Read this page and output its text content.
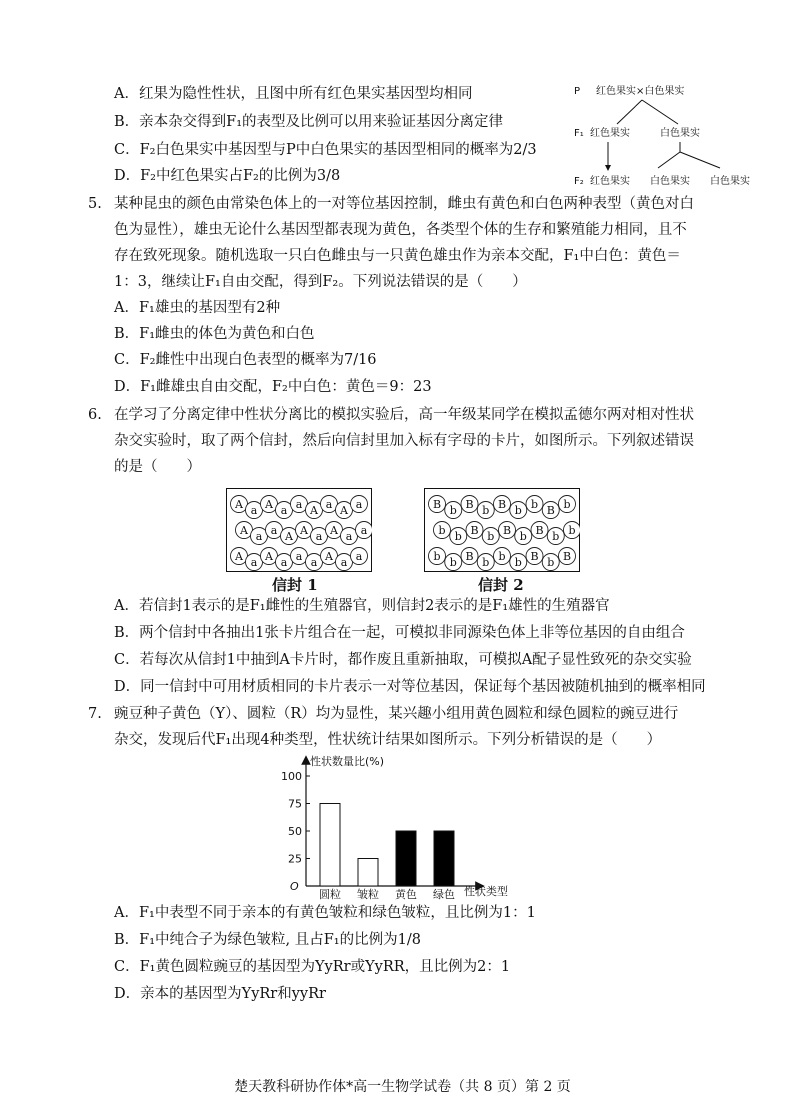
A．红果为隐性性状，且图中所有红色果实基因型均相同
B．亲本杂交得到F₁的表型及比例可以用来验证基因分离定律
C．F₂白色果实中基因型与P中白色果实的基因型相同的概率为2/3
D．F₂中红色果实占F₂的比例为3/8
P 红色果实×白色果实
F₁ 红色果实	白色果实
F₂ 红色果实 白色果实 白色果实
5. 某种昆虫的颜色由常染色体上的一对等位基因控制，雌虫有黄色和白色两种表型（黄色对白
色为显性），雄虫无论什么基因型都表现为黄色，各类型个体的生存和繁殖能力相同，且不
存在致死现象。随机选取一只白色雌虫与一只黄色雄虫作为亲本交配，F₁中白色：黄色＝
1：3，继续让F₁自由交配，得到F₂。下列说法错误的是（　　）
A．F₁雄虫的基因型有2种
B．F₁雌虫的体色为黄色和白色
C．F₂雌性中出现白色表型的概率为7/16
D．F₁雌雄虫自由交配，F₂中白色：黄色＝9：23
6. 在学习了分离定律中性状分离比的模拟实验后，高一年级某同学在模拟孟德尔两对相对性状
杂交实验时，取了两个信封，然后向信封里加入标有字母的卡片，如图所示。下列叙述错误
的是（　　）
A a A a a A a A a
A a a A A a A a a
A a A a a a A a a
B b B b B b b B b
b b B b B b B b b
b b B b b b B b B
信封 1	信封 2
A．若信封1表示的是F₁雌性的生殖器官，则信封2表示的是F₁雄性的生殖器官
B．两个信封中各抽出1张卡片组合在一起，可模拟非同源染色体上非等位基因的自由组合
C．若每次从信封1中抽到A卡片时，都作废且重新抽取，可模拟A配子显性致死的杂交实验
D．同一信封中可用材质相同的卡片表示一对等位基因，保证每个基因被随机抽到的概率相同
7. 豌豆种子黄色（Y）、圆粒（R）均为显性，某兴趣小组用黄色圆粒和绿色圆粒的豌豆进行
杂交，发现后代F₁出现4种类型，性状统计结果如图所示。下列分析错误的是（　　）
性状数量比(%)
性状类型
O
100
75
50
25
圆粒 皱粒 黄色 绿色
A．F₁中表型不同于亲本的有黄色皱粒和绿色皱粒，且比例为1：1
B．F₁中纯合子为绿色皱粒, 且占F₁的比例为1/8
C．F₁黄色圆粒豌豆的基因型为YyRr或YyRR，且比例为2：1
D．亲本的基因型为YyRr和yyRr
楚天教科研协作体*高一生物学试卷（共 8 页）第 2 页
